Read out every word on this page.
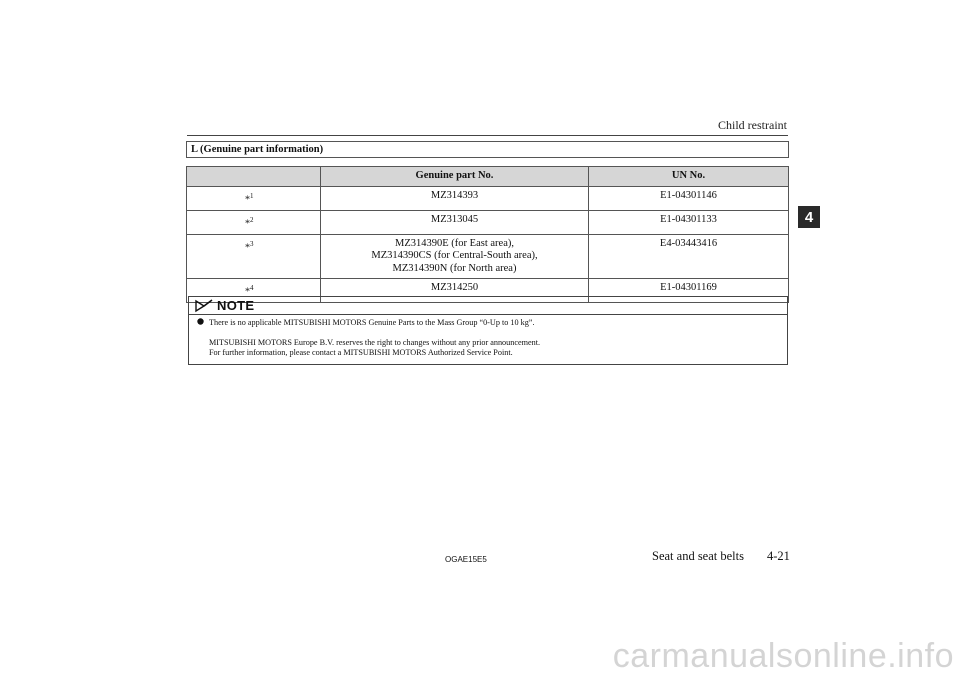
Child restraint
4
L (Genuine part information)
	Genuine part No.	UN No.
*$^1$	MZ314393	E1-04301146
*$^2$	MZ313045	E1-04301133
*$^3$	MZ314390E (for East area),
MZ314390CS (for Central-South area),
MZ314390N (for North area)	E4-03443416
*$^4$	MZ314250	E1-04301169
NOTE
There is no applicable MITSUBISHI MOTORS Genuine Parts to the Mass Group “0-Up to 10 kg”.
MITSUBISHI MOTORS Europe B.V. reserves the right to changes without any prior announcement.
For further information, please contact a MITSUBISHI MOTORS Authorized Service Point.
OGAE15E5	Seat and seat belts 4-21
carmanualsonline.info
